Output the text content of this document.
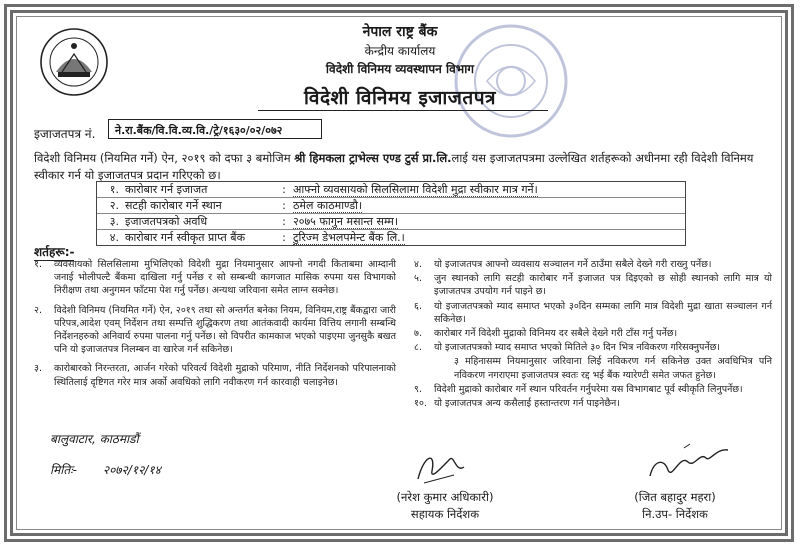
नेपाल राष्ट्र बैंक
केन्द्रीय कार्यालय
विदेशी विनिमय व्यवस्थापन विभाग
विदेशी विनिमय इजाजतपत्र
इजाजतपत्र नं.	ने.रा.बैंक/वि.वि.व्य.वि./ट्रे/१६३०/०२/०७२
विदेशी विनिमय (नियमित गर्ने) ऐन, २०१९ को दफा ३ बमोजिम श्री हिमकला ट्राभेल्स एण्ड टुर्स प्रा.लि.लाई यस इजाजतपत्रमा उल्लेखित शर्तहरूको अधीनमा रही विदेशी विनिमय स्वीकार गर्न यो इजाजतपत्र प्रदान गरिएको छ।
१. कारोबार गर्न इजाजत	: आफ्नो व्यवसायको सिलसिलामा विदेशी मुद्रा स्वीकार मात्र गर्ने।
२. सटही कारोबार गर्ने स्थान	: ठमेल काठमाण्डौ।
३. इजाजतपत्रको अवधि	: २०७५ फागुन मसान्त सम्म।
४. कारोबार गर्न स्वीकृत प्राप्त बैंक	: टुरिज्म डेभलपमेन्ट बैंक लि.।
शर्तहरू:-
१.	व्यवसायको सिलसिलामा मुभिलिएको विदेशी मुद्रा नियमानुसार आफ्नो नगदी किताबमा आम्दानी जनाई भोलीपल्टै बैंकमा दाखिला गर्नु पर्नेछ र सो सम्बन्धी कागजात मासिक रुपमा यस विभागको निरीक्षण तथा अनुगमन फाँटमा पेश गर्नु पर्नेछ। अन्यथा जरिवाना समेत लाग्न सक्नेछ।
२.	विदेशी विनिमय (नियमित गर्ने) ऐन, २०१९ तथा सो अन्तर्गत बनेका नियम, विनियम,राष्ट्र बैंकद्वारा जारी परिपत्र,आदेश एवम् निर्देशन तथा सम्पत्ति शुद्धिकरण तथा आतंकवादी कार्यमा वित्तिय लगानी सम्बन्धि निर्देशनहरुको अनिवार्य रुपमा पालना गर्नु पर्नेछ। सो विपरीत कामकाज भएको पाइएमा जुनसुकै बखत पनि यो इजाजतपत्र निलम्बन वा खारेज गर्न सकिनेछ।
३.	कारोबारको निरन्तरता, आर्जन गरेको परिवर्त्य विदेशी मुद्राको परिमाण, नीति निर्देशनको परिपालनाको स्थितिलाई दृष्टिगत गरेर मात्र अर्को अवधिको लागि नवीकरण गर्न कारवाही चलाइनेछ।
४.	यो इजाजतपत्र आफ्नो व्यवसाय सञ्चालन गर्ने ठाउँमा सबैले देख्ने गरी राख्नु पर्नेछ।
५.	जुन स्थानको लागि सटही कारोबार गर्ने इजाजत पत्र दिइएको छ सोही स्थानको लागि मात्र यो इजाजतपत्र उपयोग गर्न पाइने छ।
६.	यो इजाजतपत्रको म्याद समाप्त भएको ३०दिन सम्मका लागि मात्र विदेशी मुद्रा खाता सञ्चालन गर्न सकिनेछ।
७.	कारोबार गर्ने विदेशी मुद्राको विनिमय दर सबैले देख्ने गरी टाँस गर्नु पर्नेछ।
८.	यो इजाजतपत्रको म्याद समाप्त भएको मितिले ३० दिन भित्र नविकरण गरिसक्नुपर्नेछ।
३ महिनासम्म नियमानुसार जरिवाना लिई नविकरण गर्न सकिनेछ उक्त अवधिभित्र पनि नविकरण नगराएमा इजाजतपत्र स्वतः रद्द भई बैंक ग्यारेण्टी समेत जफत हुनेछ।
९.	विदेशी मुद्राको कारोबार गर्ने स्थान परिवर्तन गर्नुपरेमा यस विभागबाट पूर्व स्वीकृति लिनुपर्नेछ।
१०. यो इजाजतपत्र अन्य कसैलाई हस्तान्तरण गर्न पाइनेछैन।
बालुवाटार, काठमाडौं
मितिः- २०७२/१२/१४
(नरेश कुमार अधिकारी)
सहायक निर्देशक
(जित बहादुर महरा)
नि.उप- निर्देशक
